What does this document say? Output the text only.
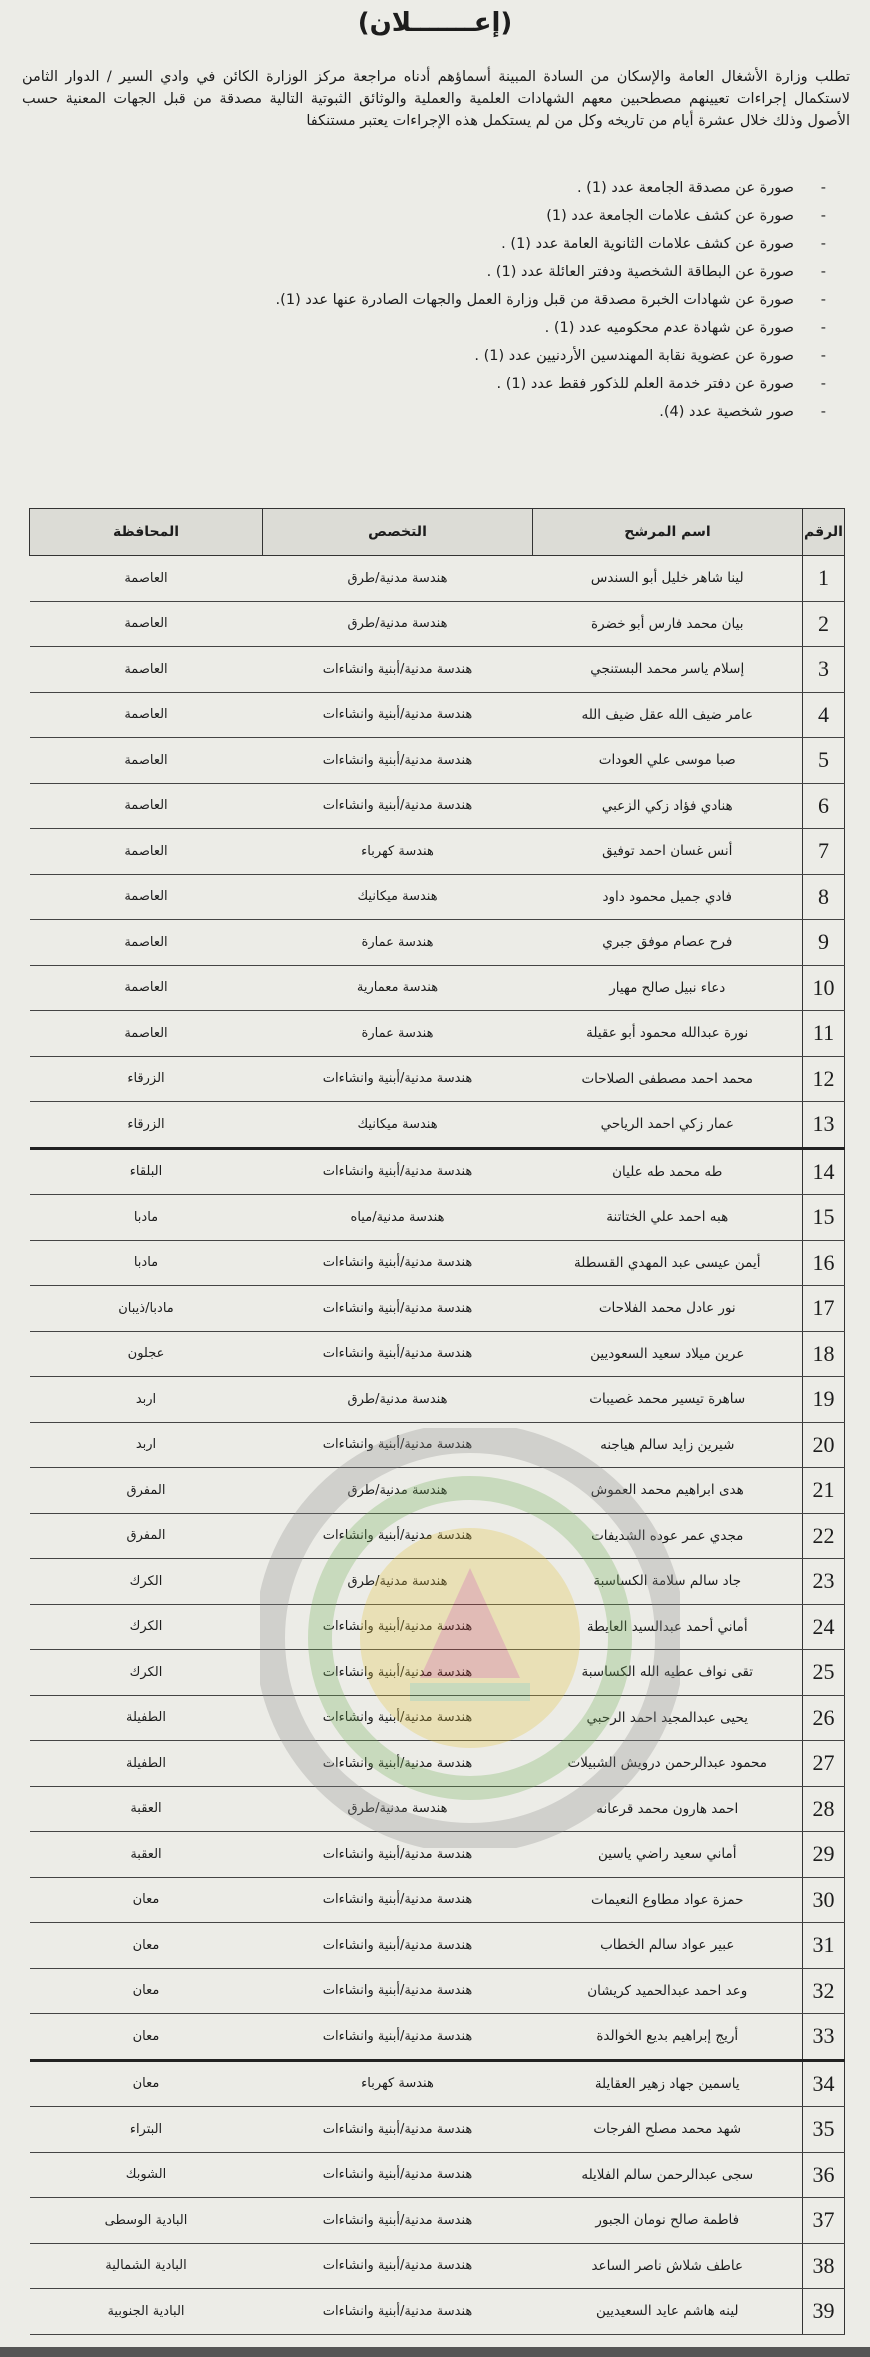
(إعـــــــلان)
تطلب وزارة الأشغال العامة والإسكان من السادة المبينة أسماؤهم أدناه مراجعة مركز الوزارة الكائن في وادي السير / الدوار الثامن لاستكمال إجراءات تعيينهم مصطحبين معهم الشهادات العلمية والعملية والوثائق الثبوتية التالية مصدقة من قبل الجهات المعنية حسب الأصول وذلك خلال عشرة أيام من تاريخه وكل من لم يستكمل هذه الإجراءات يعتبر مستنكفا
- صورة عن مصدقة الجامعة عدد (1) .
- صورة عن كشف علامات الجامعة عدد (1)
- صورة عن كشف علامات الثانوية العامة عدد (1) .
- صورة عن البطاقة الشخصية ودفتر العائلة عدد (1) .
- صورة عن شهادات الخبرة مصدقة من قبل وزارة العمل والجهات الصادرة عنها عدد (1).
- صورة عن شهادة عدم محكوميه عدد (1) .
- صورة عن عضوية نقابة المهندسين الأردنيين عدد (1) .
- صورة عن دفتر خدمة العلم للذكور فقط عدد (1) .
- صور شخصية عدد (4).
الرقم	اسم المرشح	التخصص	المحافظة
1	لينا شاهر خليل أبو السندس	هندسة مدنية/طرق	العاصمة
2	بيان محمد فارس أبو خضرة	هندسة مدنية/طرق	العاصمة
3	إسلام ياسر محمد البستنجي	هندسة مدنية/أبنية وانشاءات	العاصمة
4	عامر ضيف الله عقل ضيف الله	هندسة مدنية/أبنية وانشاءات	العاصمة
5	صبا موسى علي العودات	هندسة مدنية/أبنية وانشاءات	العاصمة
6	هنادي فؤاد زكي الزعبي	هندسة مدنية/أبنية وانشاءات	العاصمة
7	أنس غسان احمد توفيق	هندسة كهرباء	العاصمة
8	فادي جميل محمود داود	هندسة ميكانيك	العاصمة
9	فرح عصام موفق جبري	هندسة عمارة	العاصمة
10	دعاء نبيل صالح مهيار	هندسة معمارية	العاصمة
11	نورة عبدالله محمود أبو عقيلة	هندسة عمارة	العاصمة
12	محمد احمد مصطفى الصلاحات	هندسة مدنية/أبنية وانشاءات	الزرقاء
13	عمار زكي احمد الرياحي	هندسة ميكانيك	الزرقاء
14	طه محمد طه عليان	هندسة مدنية/أبنية وانشاءات	البلقاء
15	هبه احمد علي الختاتنة	هندسة مدنية/مياه	مادبا
16	أيمن عيسى عبد المهدي القسطلة	هندسة مدنية/أبنية وانشاءات	مادبا
17	نور عادل محمد الفلاحات	هندسة مدنية/أبنية وانشاءات	مادبا/ذيبان
18	عرين ميلاد سعيد السعوديين	هندسة مدنية/أبنية وانشاءات	عجلون
19	ساهرة تيسير محمد غصيبات	هندسة مدنية/طرق	اربد
20	شيرين زايد سالم هياجنه	هندسة مدنية/أبنية وانشاءات	اربد
21	هدى ابراهيم محمد العموش	هندسة مدنية/طرق	المفرق
22	مجدي عمر عوده الشديفات	هندسة مدنية/أبنية وانشاءات	المفرق
23	جاد سالم سلامة الكساسبة	هندسة مدنية/طرق	الكرك
24	أماني أحمد عبدالسيد العايطة	هندسة مدنية/أبنية وانشاءات	الكرك
25	تقى نواف عطيه الله الكساسبة	هندسة مدنية/أبنية وانشاءات	الكرك
26	يحيى عبدالمجيد احمد الرحبي	هندسة مدنية/أبنية وانشاءات	الطفيلة
27	محمود عبدالرحمن درويش الشبيلات	هندسة مدنية/أبنية وانشاءات	الطفيلة
28	احمد هارون محمد قرعانه	هندسة مدنية/طرق	العقبة
29	أماني سعيد راضي ياسين	هندسة مدنية/أبنية وانشاءات	العقبة
30	حمزة عواد مطاوع النعيمات	هندسة مدنية/أبنية وانشاءات	معان
31	عبير عواد سالم الخطاب	هندسة مدنية/أبنية وانشاءات	معان
32	وعد احمد عبدالحميد كريشان	هندسة مدنية/أبنية وانشاءات	معان
33	أريج إبراهيم بديع الخوالدة	هندسة مدنية/أبنية وانشاءات	معان
34	ياسمين جهاد زهير العقايلة	هندسة كهرباء	معان
35	شهد محمد مصلح الفرجات	هندسة مدنية/أبنية وانشاءات	البتراء
36	سجى عبدالرحمن سالم الفلايله	هندسة مدنية/أبنية وانشاءات	الشوبك
37	فاطمة صالح نومان الجبور	هندسة مدنية/أبنية وانشاءات	البادية الوسطى
38	عاطف شلاش ناصر الساعد	هندسة مدنية/أبنية وانشاءات	البادية الشمالية
39	لينه هاشم عايد السعيديين	هندسة مدنية/أبنية وانشاءات	البادية الجنوبية
